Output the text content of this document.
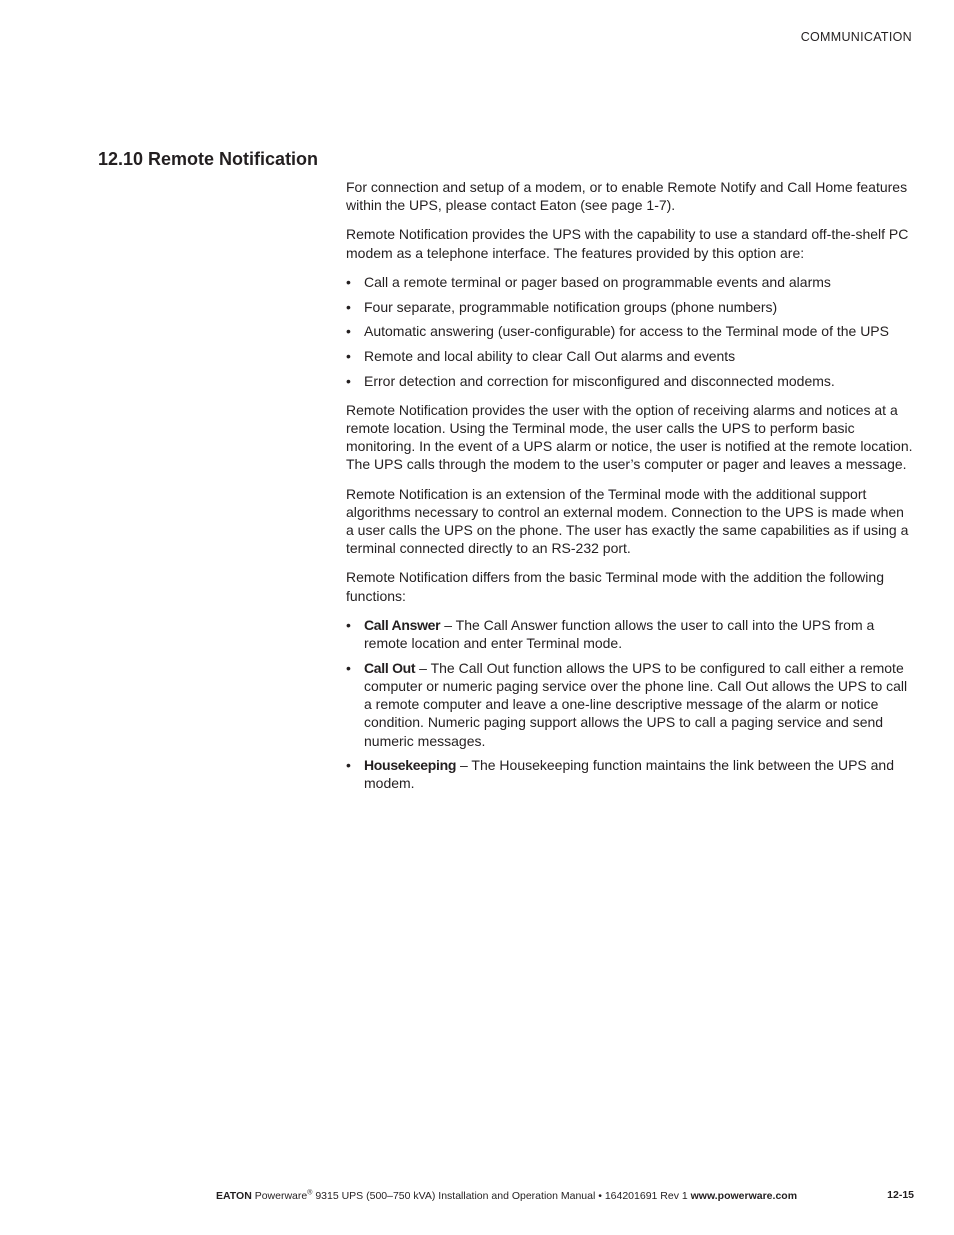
COMMUNICATION
12.10 Remote Notification

For connection and setup of a modem, or to enable Remote Notify and Call Home features within the UPS, please contact Eaton (see page 1-7).

Remote Notification provides the UPS with the capability to use a standard off-the-shelf PC modem as a telephone interface. The features provided by this option are:

• Call a remote terminal or pager based on programmable events and alarms
• Four separate, programmable notification groups (phone numbers)
• Automatic answering (user-configurable) for access to the Terminal mode of the UPS
• Remote and local ability to clear Call Out alarms and events
• Error detection and correction for misconfigured and disconnected modems.

Remote Notification provides the user with the option of receiving alarms and notices at a remote location. Using the Terminal mode, the user calls the UPS to perform basic monitoring. In the event of a UPS alarm or notice, the user is notified at the remote location. The UPS calls through the modem to the user’s computer or pager and leaves a message.

Remote Notification is an extension of the Terminal mode with the additional support algorithms necessary to control an external modem. Connection to the UPS is made when a user calls the UPS on the phone. The user has exactly the same capabilities as if using a terminal connected directly to an RS-232 port.

Remote Notification differs from the basic Terminal mode with the addition the following functions:

• Call Answer – The Call Answer function allows the user to call into the UPS from a remote location and enter Terminal mode.
• Call Out – The Call Out function allows the UPS to be configured to call either a remote computer or numeric paging service over the phone line. Call Out allows the UPS to call a remote computer and leave a one-line descriptive message of the alarm or notice condition. Numeric paging support allows the UPS to call a paging service and send numeric messages.
• Housekeeping – The Housekeeping function maintains the link between the UPS and modem.
EATON Powerware® 9315 UPS (500–750 kVA) Installation and Operation Manual • 164201691 Rev 1 www.powerware.com	12-15
